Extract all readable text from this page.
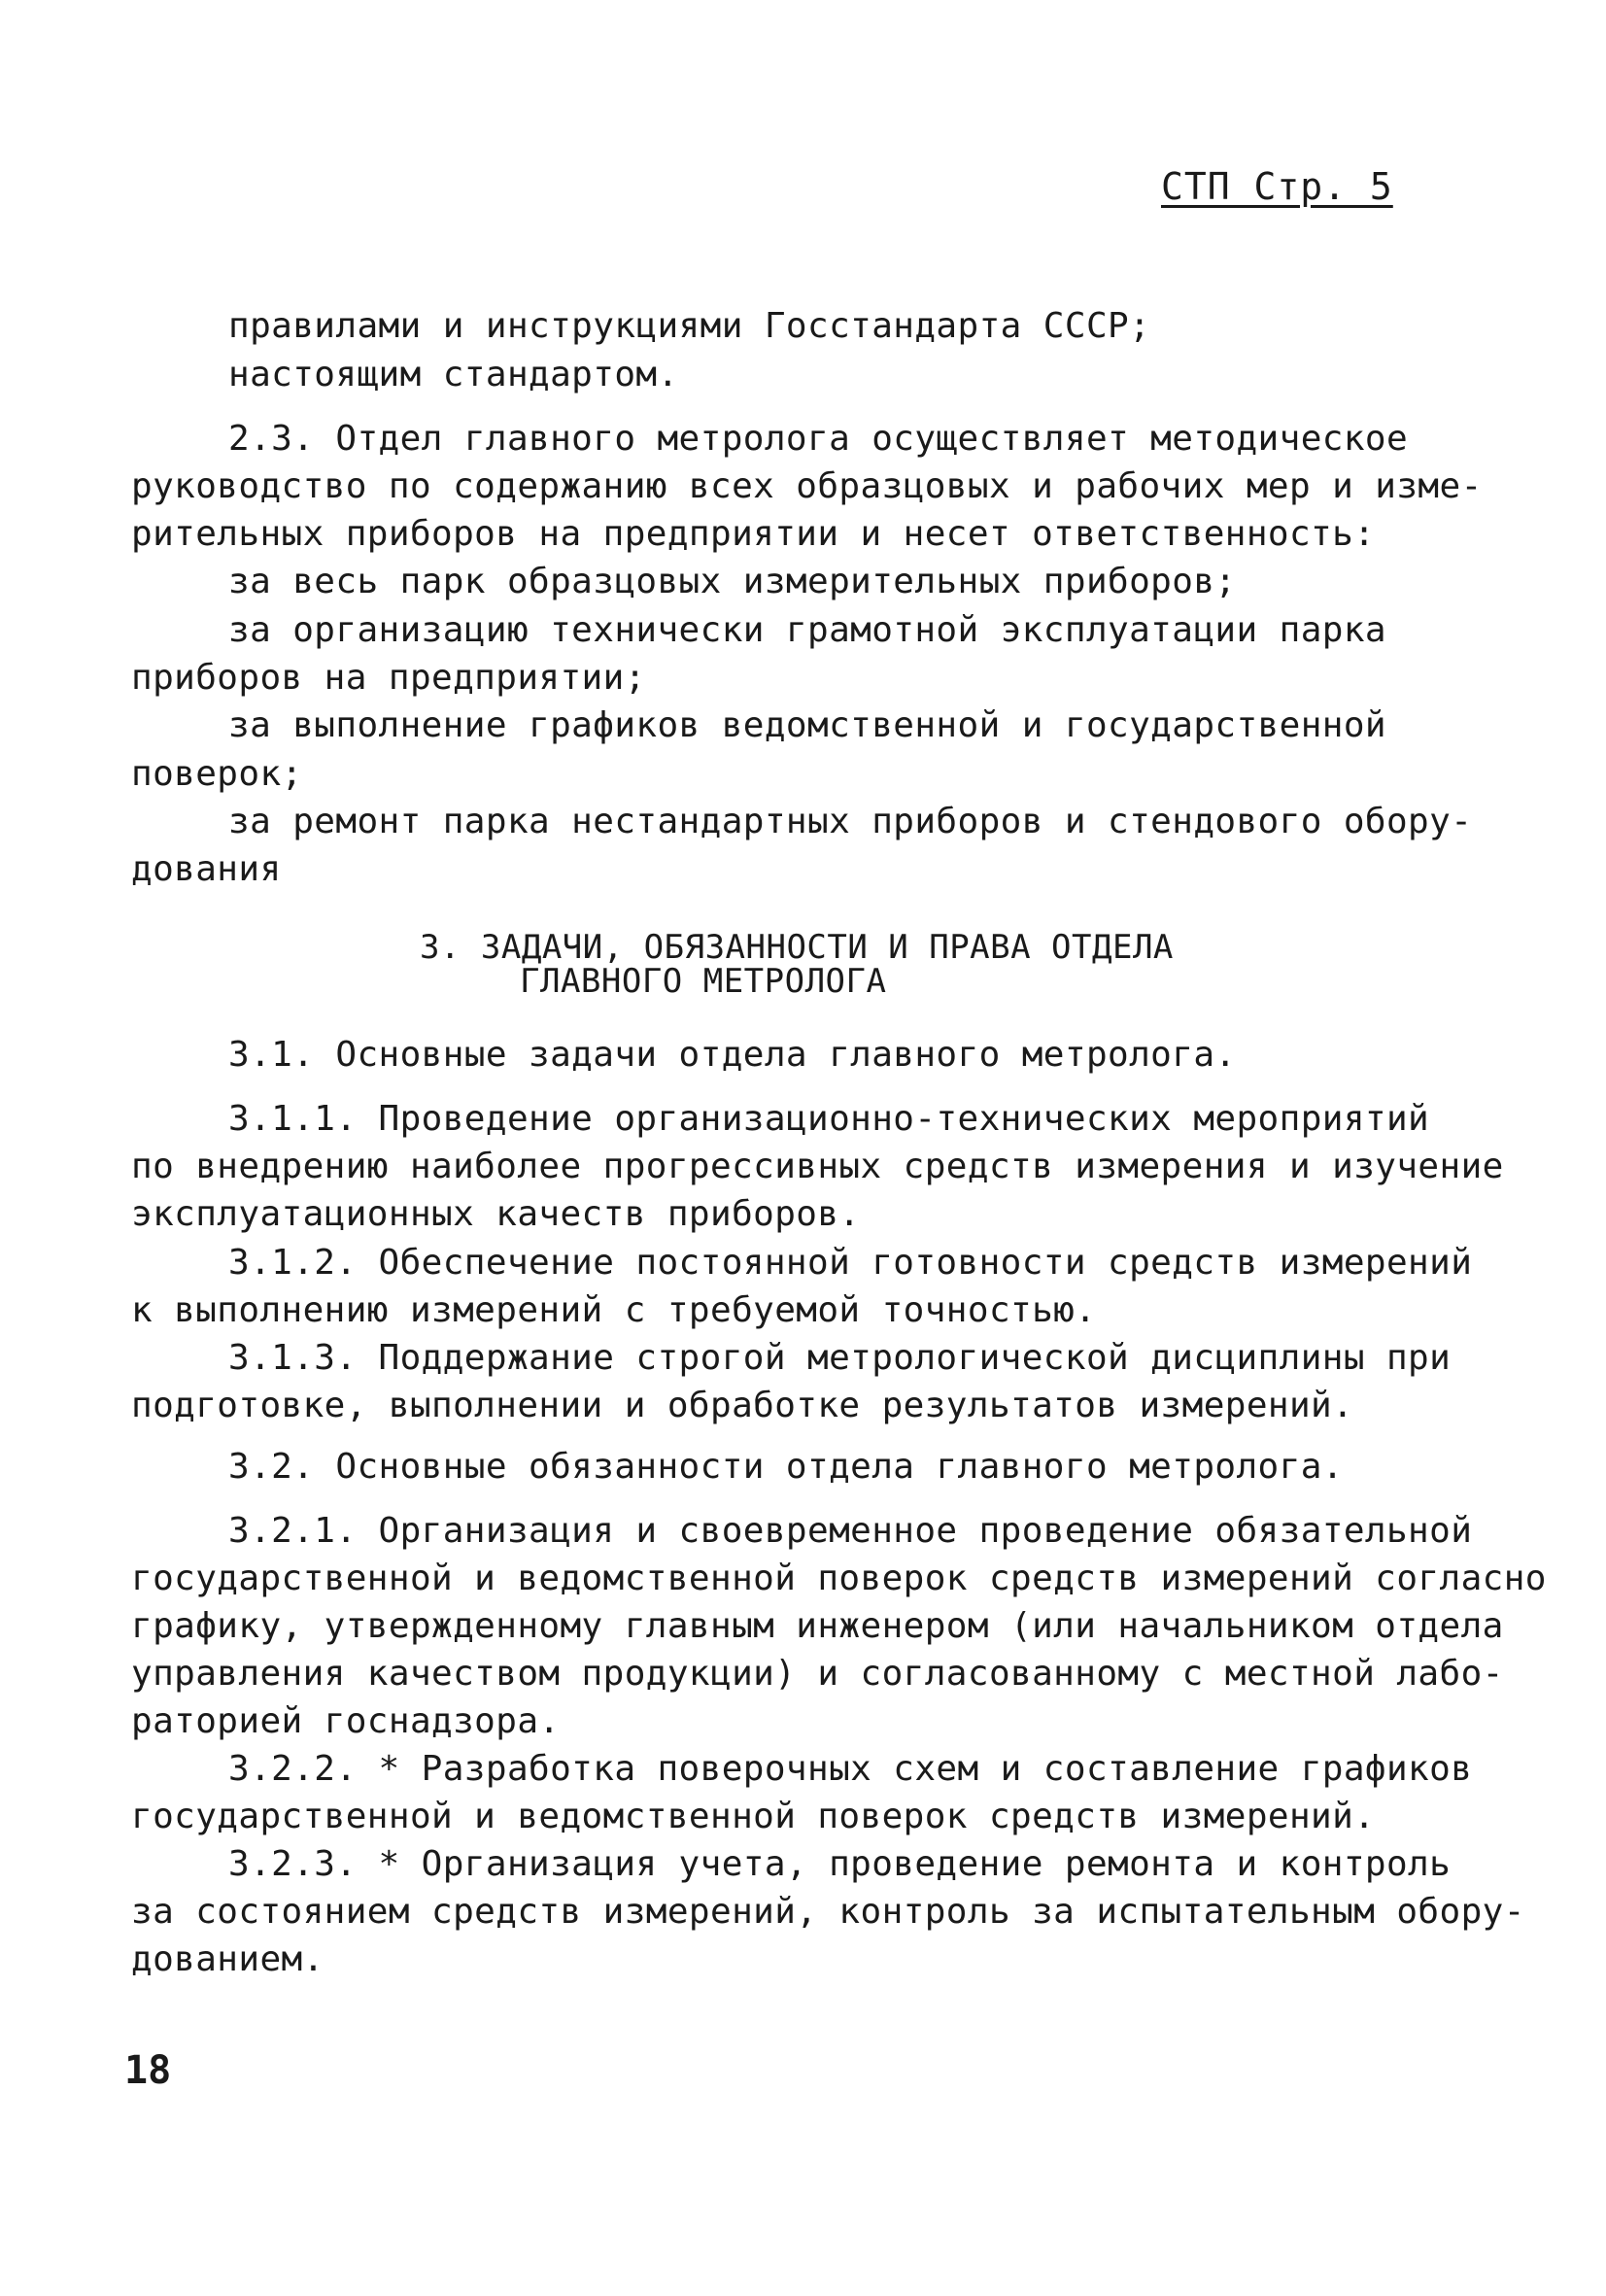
СТП Стр. 5
правилами и инструкциями Госстандарта СССР;
настоящим стандартом.
2.3. Отдел главного метролога осуществляет методическое
руководство по содержанию всех образцовых и рабочих мер и изме-
рительных приборов на предприятии и несет ответственность:
за весь парк образцовых измерительных приборов;
за организацию технически грамотной эксплуатации парка
приборов на предприятии;
за выполнение графиков ведомственной и государственной
поверок;
за ремонт парка нестандартных приборов и стендового обору-
дования
3. ЗАДАЧИ, ОБЯЗАННОСТИ И ПРАВА ОТДЕЛА
ГЛАВНОГО МЕТРОЛОГА
3.1. Основные задачи отдела главного метролога.
3.1.1. Проведение организационно-технических мероприятий
по внедрению наиболее прогрессивных средств измерения и изучение
эксплуатационных качеств приборов.
3.1.2. Обеспечение постоянной готовности средств измерений
к выполнению измерений с требуемой точностью.
3.1.3. Поддержание строгой метрологической дисциплины при
подготовке, выполнении и обработке результатов измерений.
3.2. Основные обязанности отдела главного метролога.
3.2.1. Организация и своевременное проведение обязательной
государственной и ведомственной поверок средств измерений согласно
графику, утвержденному главным инженером (или начальником отдела
управления качеством продукции) и согласованному с местной лабо-
раторией госнадзора.
3.2.2. * Разработка поверочных схем и составление графиков
государственной и ведомственной поверок средств измерений.
3.2.3. * Организация учета, проведение ремонта и контроль
за состоянием средств измерений, контроль за испытательным обору-
дованием.
18
